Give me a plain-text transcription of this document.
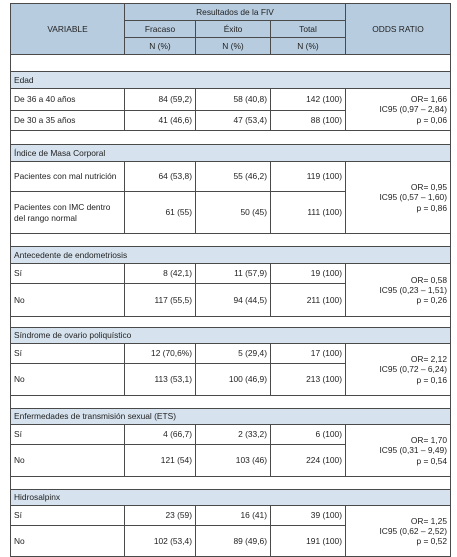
VARIABLE	Resultados de la FIV			ODDS RATIO
	Fracaso	Éxito	Total	
	N (%)	N (%)	N (%)	

Edad				
De 36 a 40 años	84 (59,2)	58 (40,8)	142 (100)	OR= 1,66
IC95 (0,97 – 2,84)
p = 0,06

De 30 a 35 años	41 (46,6)	47 (53,4)	88 (100)	

Índice de Masa Corporal				
Pacientes con mal nutrición	64 (53,8)	55 (46,2)	119 (100)	OR= 0,95
IC95 (0,57 – 1,60)
p = 0,86

Pacientes con IMC dentro del rango normal	61 (55)	50 (45)	111 (100)	

Antecedente de endometriosis				
Sí	8 (42,1)	11 (57,9)	19 (100)	OR= 0,58
IC95 (0,23 – 1,51)
p = 0,26

No	117 (55,5)	94 (44,5)	211 (100)	

Síndrome de ovario poliquístico				
Sí	12 (70,6%)	5 (29,4)	17 (100)	OR= 2,12
IC95 (0,72 – 6,24)
p = 0,16

No	113 (53,1)	100 (46,9)	213 (100)	

Enfermedades de transmisión sexual (ETS)				
Sí	4 (66,7)	2 (33,2)	6 (100)	OR= 1,70
IC95 (0,31 – 9,49)
p = 0,54

No	121 (54)	103 (46)	224 (100)	

Hidrosalpinx				
Sí	23 (59)	16 (41)	39 (100)	OR= 1,25
IC95 (0,62 – 2,52)
p = 0,52

No	102 (53,4)	89 (49,6)	191 (100)	
